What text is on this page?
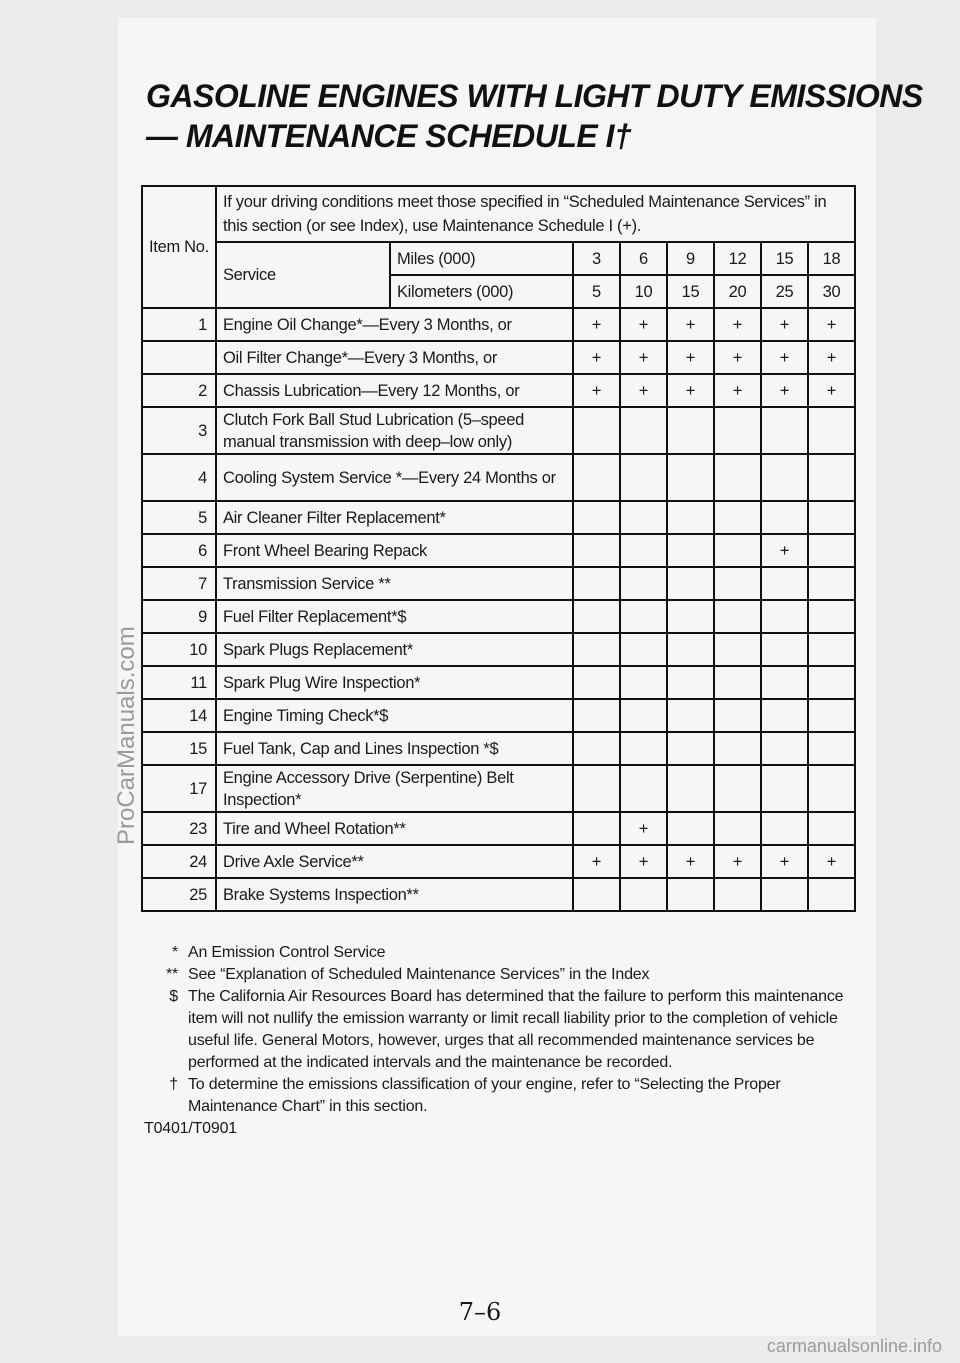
GASOLINE ENGINES WITH LIGHT DUTY EMISSIONS
— MAINTENANCE SCHEDULE I†
Item No.	If your driving conditions meet those specified in “Scheduled Maintenance Services” in this section (or see Index), use Maintenance Schedule I (+).							
	Service	Miles (000)	3	6	9	12	15	18
		Kilometers (000)	5	10	15	20	25	30
1	Engine Oil Change*—Every 3 Months, or		+	+	+	+	+	+
	Oil Filter Change*—Every 3 Months, or		+	+	+	+	+	+
2	Chassis Lubrication—Every 12 Months, or		+	+	+	+	+	+
3	Clutch Fork Ball Stud Lubrication (5–speed manual transmission with deep–low only)							
4	Cooling System Service *—Every 24 Months or							
5	Air Cleaner Filter Replacement*							
6	Front Wheel Bearing Repack						+	
7	Transmission Service **							
9	Fuel Filter Replacement*$							
10	Spark Plugs Replacement*							
11	Spark Plug Wire Inspection*							
14	Engine Timing Check*$							
15	Fuel Tank, Cap and Lines Inspection *$							
17	Engine Accessory Drive (Serpentine) Belt Inspection*							
23	Tire and Wheel Rotation**			+				
24	Drive Axle Service**		+	+	+	+	+	+
25	Brake Systems Inspection**							
* An Emission Control Service
** See “Explanation of Scheduled Maintenance Services” in the Index
$ The California Air Resources Board has determined that the failure to perform this maintenance item will not nullify the emission warranty or limit recall liability prior to the completion of vehicle useful life. General Motors, however, urges that all recommended maintenance services be performed at the indicated intervals and the maintenance be recorded.
† To determine the emissions classification of your engine, refer to “Selecting the Proper Maintenance Chart” in this section.
T0401/T0901
7–6
ProCarManuals.com
carmanualsonline.info
